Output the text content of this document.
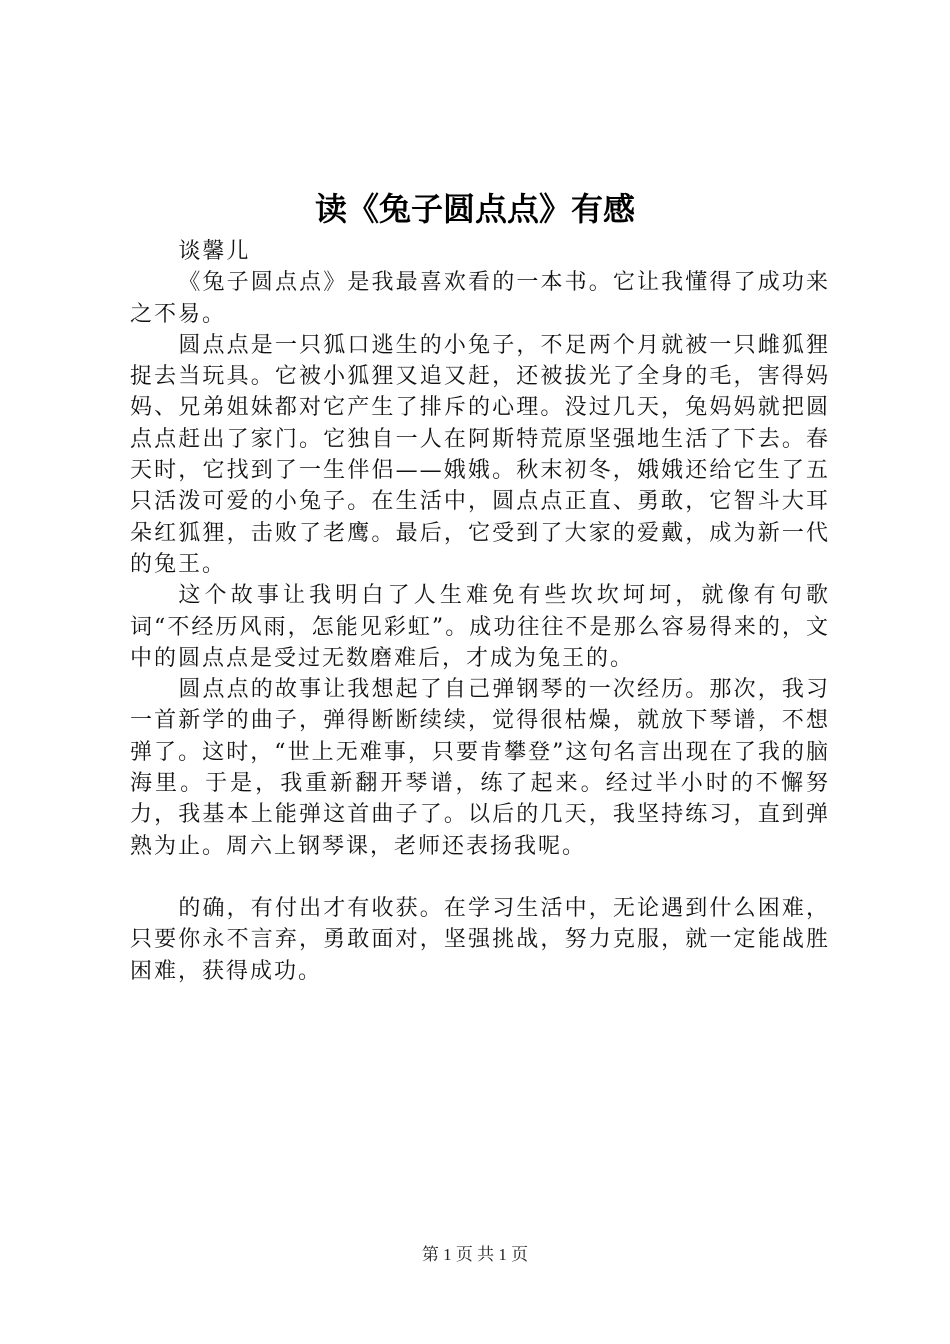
读《兔子圆点点》有感

谈馨儿

《兔子圆点点》是我最喜欢看的一本书。它让我懂得了成功来之不易。

圆点点是一只狐口逃生的小兔子，不足两个月就被一只雌狐狸捉去当玩具。它被小狐狸又追又赶，还被拔光了全身的毛，害得妈妈、兄弟姐妹都对它产生了排斥的心理。没过几天，兔妈妈就把圆点点赶出了家门。它独自一人在阿斯特荒原坚强地生活了下去。春天时，它找到了一生伴侣——娥娥。秋末初冬，娥娥还给它生了五只活泼可爱的小兔子。在生活中，圆点点正直、勇敢，它智斗大耳朵红狐狸，击败了老鹰。最后，它受到了大家的爱戴，成为新一代的兔王。

这个故事让我明白了人生难免有些坎坎坷坷，就像有句歌词“不经历风雨，怎能见彩虹”。成功往往不是那么容易得来的，文中的圆点点是受过无数磨难后，才成为兔王的。

圆点点的故事让我想起了自己弹钢琴的一次经历。那次，我习一首新学的曲子，弹得断断续续，觉得很枯燥，就放下琴谱，不想弹了。这时，“世上无难事，只要肯攀登”这句名言出现在了我的脑海里。于是，我重新翻开琴谱，练了起来。经过半小时的不懈努力，我基本上能弹这首曲子了。以后的几天，我坚持练习，直到弹熟为止。周六上钢琴课，老师还表扬我呢。

的确，有付出才有收获。在学习生活中，无论遇到什么困难，只要你永不言弃，勇敢面对，坚强挑战，努力克服，就一定能战胜困难，获得成功。

第 1 页 共 1 页
